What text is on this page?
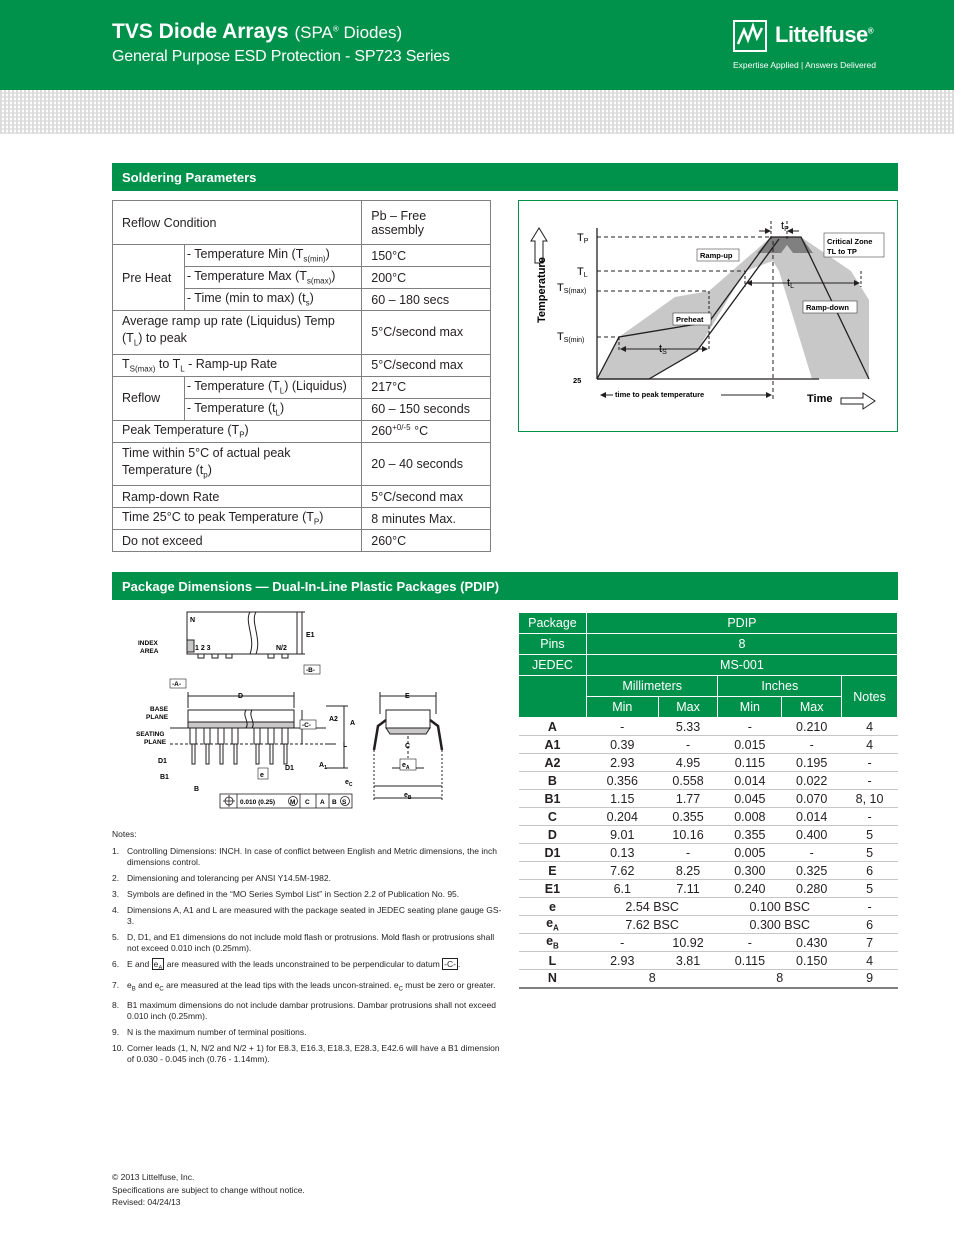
TVS Diode Arrays (SPA® Diodes)
General Purpose ESD Protection - SP723 Series
Littelfuse®
Expertise Applied | Answers Delivered
Soldering Parameters
Reflow Condition		Pb – Free assembly
Pre Heat	- Temperature Min $(T_{s(min)})$	150°C
	- Temperature Max $(T_{s(max)})$	200°C
	- Time (min to max) $(t_s)$	60 – 180 secs
Average ramp up rate (Liquidus) Temp
$(T_L)$ to peak		5°C/second max
$T_{S(max)}$ to $T_L$ - Ramp-up Rate		5°C/second max
Reflow	- Temperature $(T_L)$ (Liquidus)	217°C
	- Temperature $(t_L)$	60 – 150 seconds
Peak Temperature $(T_P)$		$260^{+0/-5}$ °C
Time within 5°C of actual peak
Temperature $(t_p)$		20 – 40 seconds
Ramp-down Rate		5°C/second max
Time 25°C to peak Temperature $(T_P)$		8 minutes Max.
Do not exceed		260°C
Temperature
Time
TP
TL
TS(max)
TS(min)
25
tP
tL
tS
Ramp-up
Ramp-down
Preheat
Critical Zone
TL to TP
time to peak temperature
Package Dimensions — Dual-In-Line Plastic Packages (PDIP)
N
E1
INDEX
AREA	1 2 3	N/2
-B-
-A-
D
BASE
PLANE
SEATING
PLANE
-C-
A2
A
L
$A_1$
D1
D1
B1
B
e
0.010 (0.25) M C A B S
E
C
$e_A$
$e_C$
$e_B$
Package	PDIP				
Pins	8				
JEDEC	MS-001				
	Millimeters		Inches		Notes
	Min	Max	Min	Max	
A	-	5.33	-	0.210	4
A1	0.39	-	0.015	-	4
A2	2.93	4.95	0.115	0.195	-
B	0.356	0.558	0.014	0.022	-
B1	1.15	1.77	0.045	0.070	8, 10
C	0.204	0.355	0.008	0.014	-
D	9.01	10.16	0.355	0.400	5
D1	0.13	-	0.005	-	5
E	7.62	8.25	0.300	0.325	6
E1	6.1	7.11	0.240	0.280	5
e	2.54 BSC		0.100 BSC		-
$e_A$	7.62 BSC		0.300 BSC		6
$e_B$	-	10.92	-	0.430	7
L	2.93	3.81	0.115	0.150	4
N	8		8		9
Notes:
1. Controlling Dimensions: INCH. In case of conflict between English and Metric dimensions, the inch dimensions control.
2. Dimensioning and tolerancing per ANSI Y14.5M-1982.
3. Symbols are defined in the “MO Series Symbol List” in Section 2.2 of Publication No. 95.
4. Dimensions A, A1 and L are measured with the package seated in JEDEC seating plane gauge GS-3.
5. D, D1, and E1 dimensions do not include mold flash or protrusions. Mold flash or protrusions shall not exceed 0.010 inch (0.25mm).
6. E and $e_A$ are measured with the leads unconstrained to be perpendicular to datum -C- .
7. $e_B$ and $e_C$ are measured at the lead tips with the leads uncon-strained. $e_C$ must be zero or greater.
8. B1 maximum dimensions do not include dambar protrusions. Dambar protrusions shall not exceed 0.010 inch (0.25mm).
9. N is the maximum number of terminal positions.
10. Corner leads (1, N, N/2 and N/2 + 1) for E8.3, E16.3, E18.3, E28.3, E42.6 will have a B1 dimension of 0.030 - 0.045 inch (0.76 - 1.14mm).
© 2013 Littelfuse, Inc.
Specifications are subject to change without notice.
Revised: 04/24/13
